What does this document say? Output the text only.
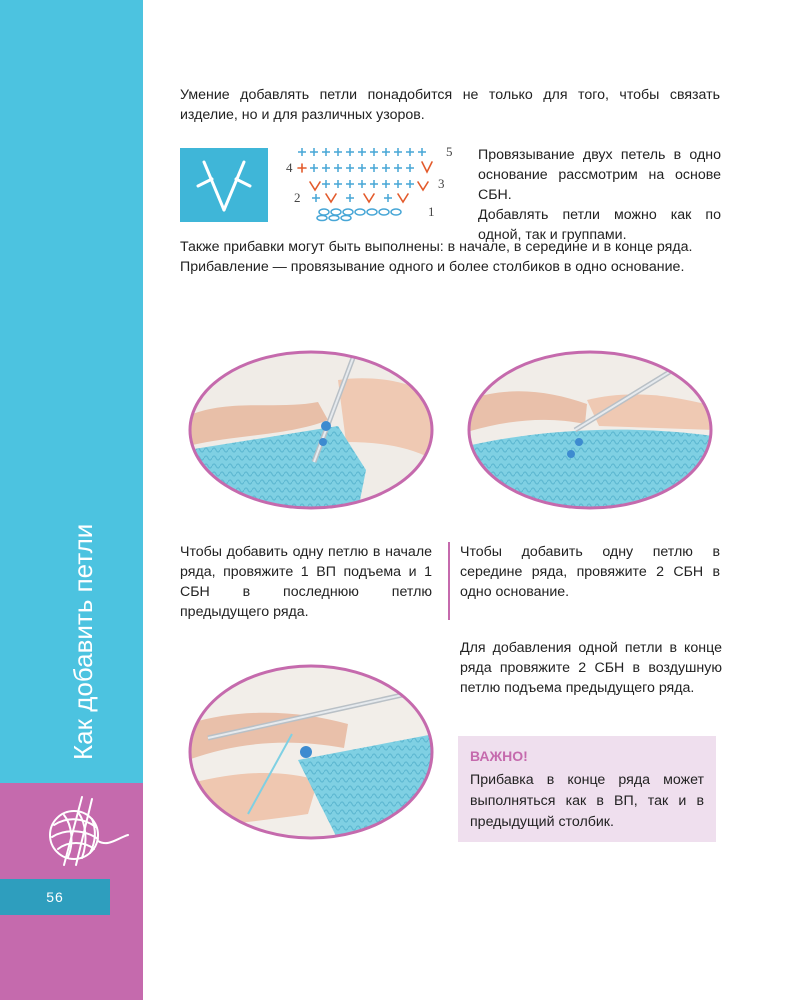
56
Как добавить петли
Умение добавлять петли понадобится не только для того, чтобы связать изделие, но и для различных узоров.
5
4
3
2
1
Провязывание двух петель в одно основание рассмотрим на основе СБН.
Добавлять петли можно как по одной, так и группами.
Также прибавки могут быть выполнены: в начале, в середине и в конце ряда.
Прибавление — провязывание одного и более столбиков в одно основание.
Чтобы добавить одну петлю в начале ряда, провяжите 1 ВП подъема и 1 СБН в последнюю петлю предыдущего ряда.
Чтобы добавить одну петлю в середине ряда, провяжите 2 СБН в одно основание.
Для добавления одной петли в конце ряда провяжите 2 СБН в воздушную петлю подъема предыдущего ряда.
ВАЖНО!
Прибавка в конце ряда может выполняться как в ВП, так и в предыдущий столбик.
